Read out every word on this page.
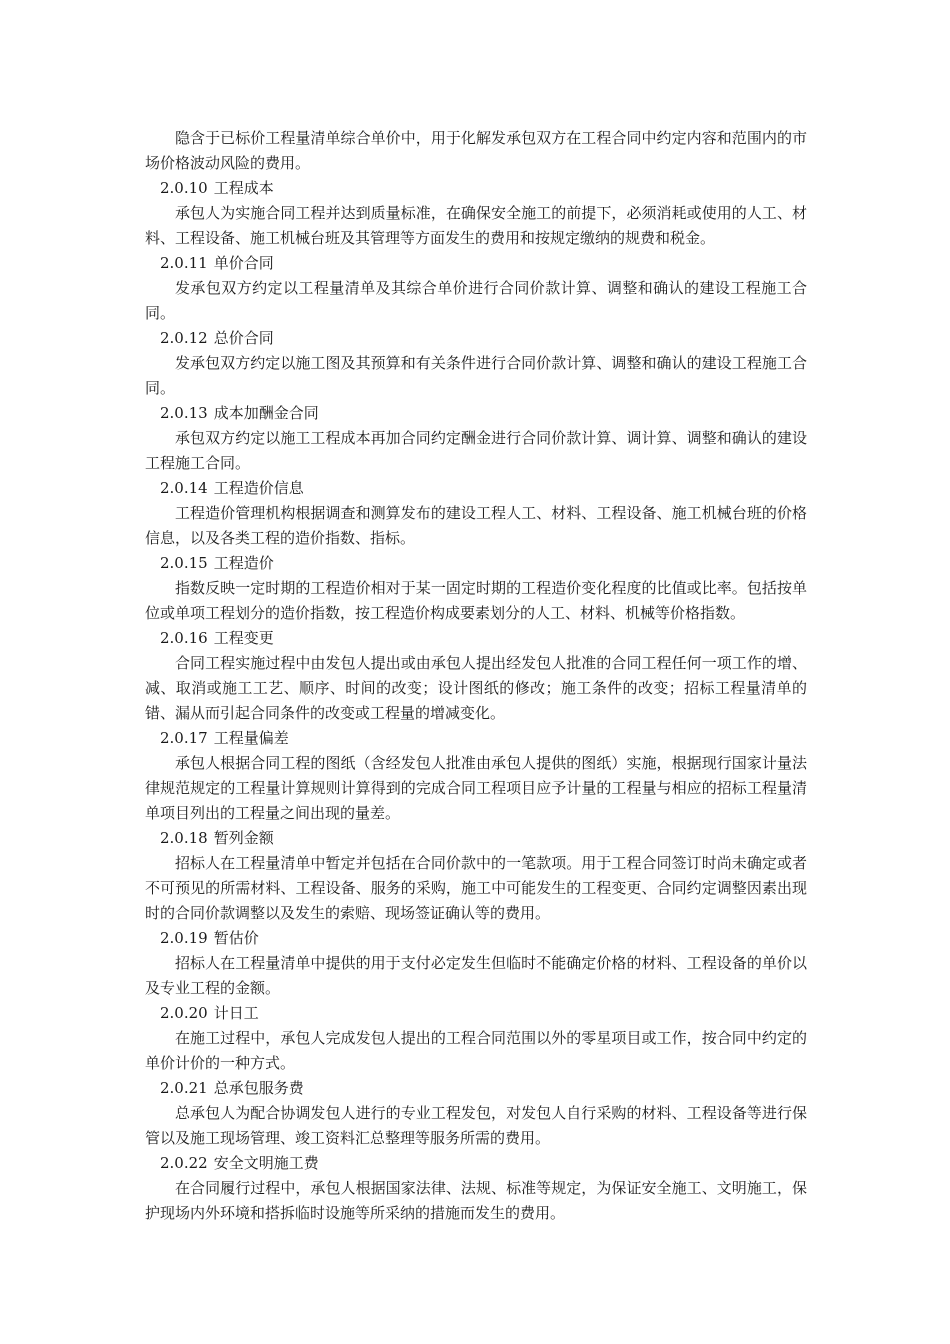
隐含于已标价工程量清单综合单价中，用于化解发承包双方在工程合同中约定内容和范围内的市场价格波动风险的费用。

2.0.10 工程成本

承包人为实施合同工程并达到质量标准，在确保安全施工的前提下，必须消耗或使用的人工、材料、工程设备、施工机械台班及其管理等方面发生的费用和按规定缴纳的规费和税金。

2.0.11 单价合同

发承包双方约定以工程量清单及其综合单价进行合同价款计算、调整和确认的建设工程施工合同。

2.0.12 总价合同

发承包双方约定以施工图及其预算和有关条件进行合同价款计算、调整和确认的建设工程施工合同。

2.0.13 成本加酬金合同

承包双方约定以施工工程成本再加合同约定酬金进行合同价款计算、调计算、调整和确认的建设工程施工合同。

2.0.14 工程造价信息

工程造价管理机构根据调查和测算发布的建设工程人工、材料、工程设备、施工机械台班的价格信息，以及各类工程的造价指数、指标。

2.0.15 工程造价

指数反映一定时期的工程造价相对于某一固定时期的工程造价变化程度的比值或比率。包括按单位或单项工程划分的造价指数，按工程造价构成要素划分的人工、材料、机械等价格指数。

2.0.16 工程变更

合同工程实施过程中由发包人提出或由承包人提出经发包人批准的合同工程任何一项工作的增、减、取消或施工工艺、顺序、时间的改变；设计图纸的修改；施工条件的改变；招标工程量清单的错、漏从而引起合同条件的改变或工程量的增减变化。

2.0.17 工程量偏差

承包人根据合同工程的图纸（含经发包人批准由承包人提供的图纸）实施，根据现行国家计量法律规范规定的工程量计算规则计算得到的完成合同工程项目应予计量的工程量与相应的招标工程量清单项目列出的工程量之间出现的量差。

2.0.18 暂列金额

招标人在工程量清单中暂定并包括在合同价款中的一笔款项。用于工程合同签订时尚未确定或者不可预见的所需材料、工程设备、服务的采购，施工中可能发生的工程变更、合同约定调整因素出现时的合同价款调整以及发生的索赔、现场签证确认等的费用。

2.0.19 暂估价

招标人在工程量清单中提供的用于支付必定发生但临时不能确定价格的材料、工程设备的单价以及专业工程的金额。

2.0.20 计日工

在施工过程中，承包人完成发包人提出的工程合同范围以外的零星项目或工作，按合同中约定的单价计价的一种方式。

2.0.21 总承包服务费

总承包人为配合协调发包人进行的专业工程发包，对发包人自行采购的材料、工程设备等进行保管以及施工现场管理、竣工资料汇总整理等服务所需的费用。

2.0.22 安全文明施工费

在合同履行过程中，承包人根据国家法律、法规、标准等规定，为保证安全施工、文明施工，保护现场内外环境和搭拆临时设施等所采纳的措施而发生的费用。
